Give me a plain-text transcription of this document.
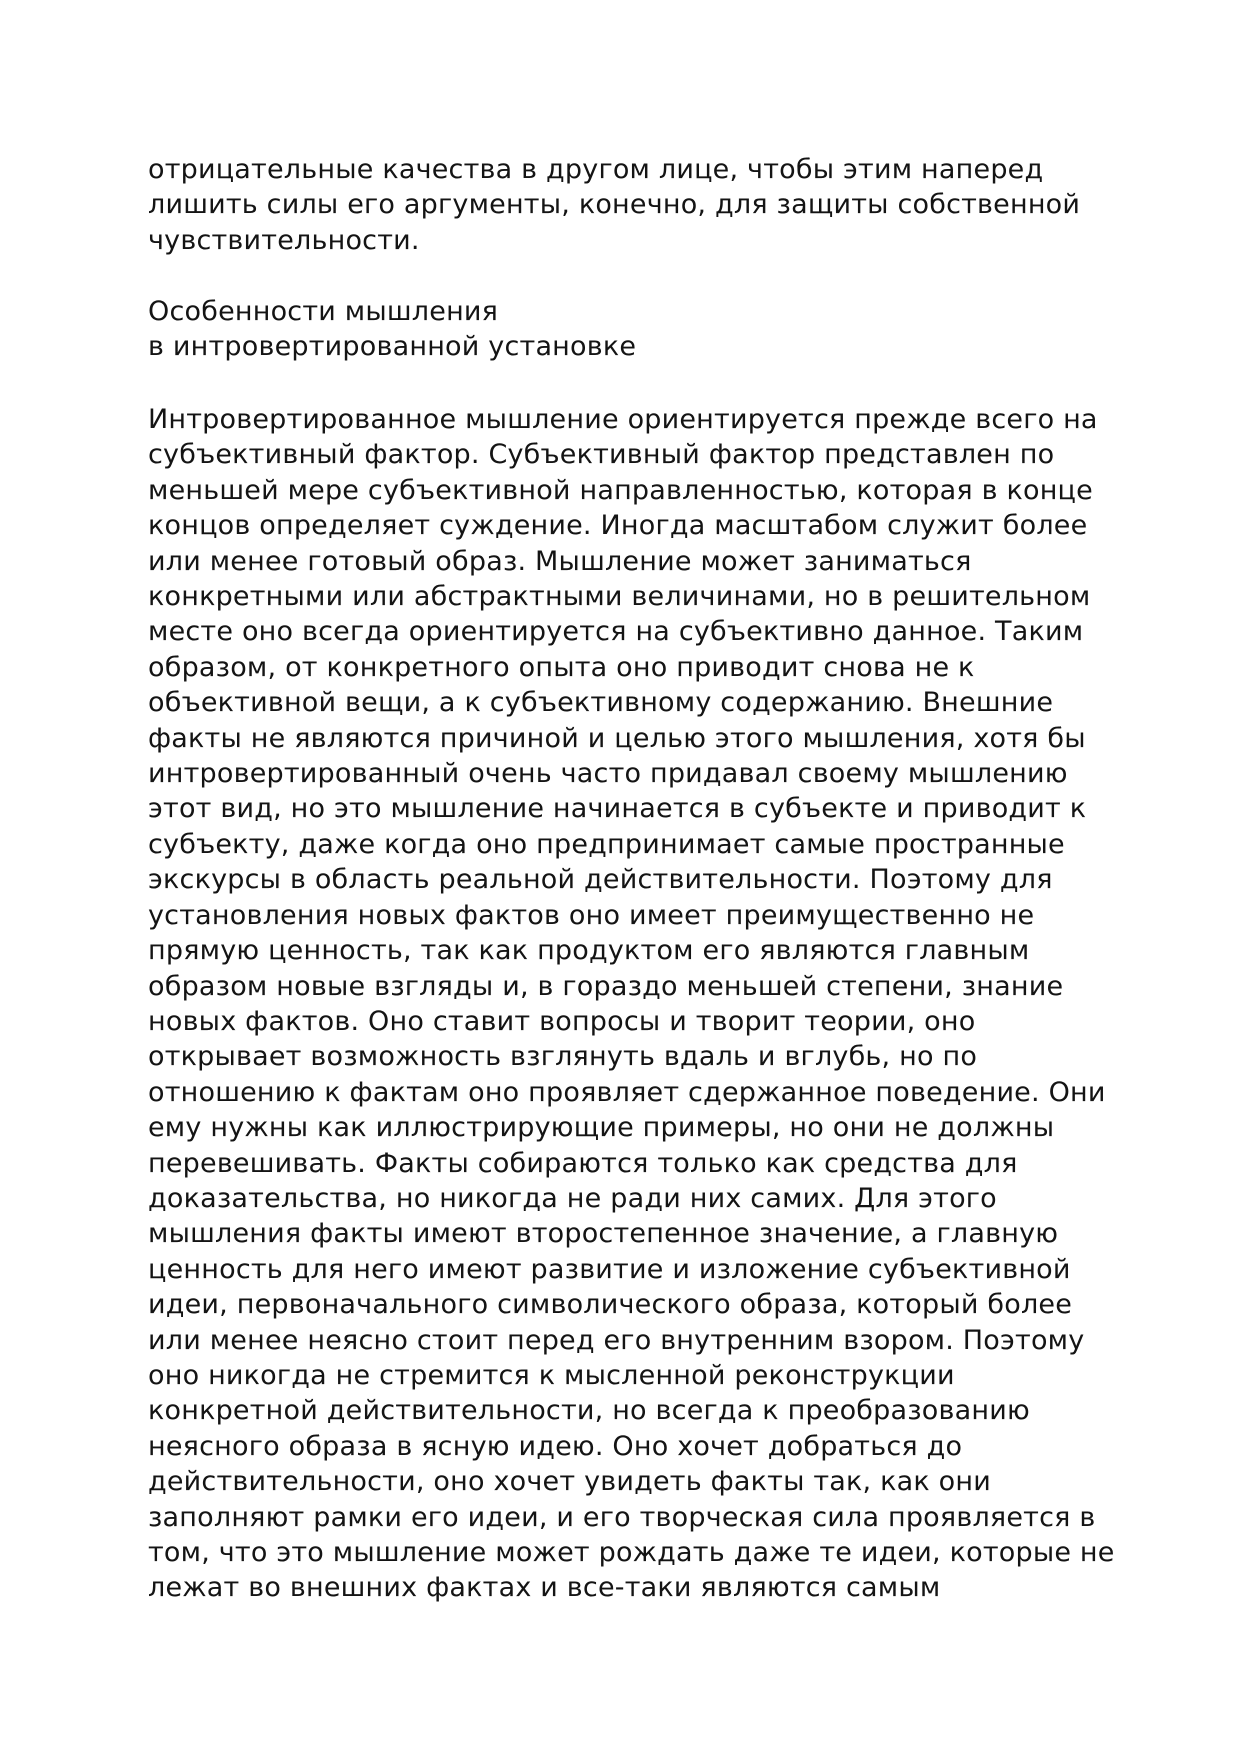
отрицательные качества в другом лице, чтобы этим наперед
лишить силы его аргументы, конечно, для защиты собственной
чувствительности.

Особенности мышления
в интровертированной установке

Интровертированное мышление ориентируется прежде всего на
субъективный фактор. Субъективный фактор представлен по
меньшей мере субъективной направленностью, которая в конце
концов определяет суждение. Иногда масштабом служит более
или менее готовый образ. Мышление может заниматься
конкретными или абстрактными величинами, но в решительном
месте оно всегда ориентируется на субъективно данное. Таким
образом, от конкретного опыта оно приводит снова не к
объективной вещи, а к субъективному содержанию. Внешние
факты не являются причиной и целью этого мышления, хотя бы
интровертированный очень часто придавал своему мышлению
этот вид, но это мышление начинается в субъекте и приводит к
субъекту, даже когда оно предпринимает самые пространные
экскурсы в область реальной действительности. Поэтому для
установления новых фактов оно имеет преимущественно не
прямую ценность, так как продуктом его являются главным
образом новые взгляды и, в гораздо меньшей степени, знание
новых фактов. Оно ставит вопросы и творит теории, оно
открывает возможность взглянуть вдаль и вглубь, но по
отношению к фактам оно проявляет сдержанное поведение. Они
ему нужны как иллюстрирующие примеры, но они не должны
перевешивать. Факты собираются только как средства для
доказательства, но никогда не ради них самих. Для этого
мышления факты имеют второстепенное значение, а главную
ценность для него имеют развитие и изложение субъективной
идеи, первоначального символического образа, который более
или менее неясно стоит перед его внутренним взором. Поэтому
оно никогда не стремится к мысленной реконструкции
конкретной действительности, но всегда к преобразованию
неясного образа в ясную идею. Оно хочет добраться до
действительности, оно хочет увидеть факты так, как они
заполняют рамки его идеи, и его творческая сила проявляется в
том, что это мышление может рождать даже те идеи, которые не
лежат во внешних фактах и все-таки являются самым
